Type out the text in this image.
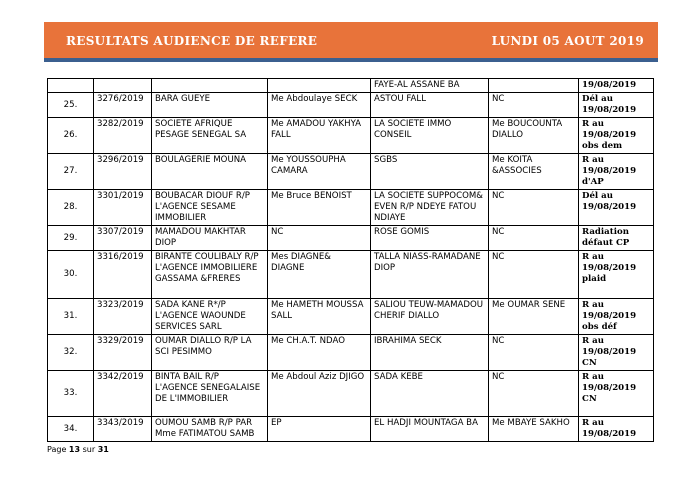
RESULTATS AUDIENCE DE REFERE	LUNDI 05 AOUT 2019
				FAYE-AL ASSANE BA		19/08/2019
25.	3276/2019	BARA GUEYE	Me Abdoulaye SECK	ASTOU FALL	NC	Dél au 19/08/2019
26.	3282/2019	SOCIETE AFRIQUE PESAGE SENEGAL SA	Me AMADOU YAKHYA FALL	LA SOCIETE IMMO CONSEIL	Me BOUCOUNTA DIALLO	R au 19/08/2019 obs dem
27.	3296/2019	BOULAGERIE MOUNA	Me YOUSSOUPHA CAMARA	SGBS	Me KOITA &ASSOCIES	R au 19/08/2019 d'AP
28.	3301/2019	BOUBACAR DIOUF R/P L'AGENCE SESAME IMMOBILIER	Me Bruce BENOIST	LA SOCIETE SUPPOCOM& EVEN R/P NDEYE FATOU NDIAYE	NC	Dél au 19/08/2019
29.	3307/2019	MAMADOU MAKHTAR DIOP	NC	ROSE GOMIS	NC	Radiation défaut CP
30.	3316/2019	BIRANTE COULIBALY R/P L'AGENCE IMMOBILIERE GASSAMA &FRERES	Mes DIAGNE& DIAGNE	TALLA NIASS-RAMADANE DIOP	NC	R au 19/08/2019 plaid
31.	3323/2019	SADA KANE R*/P L'AGENCE WAOUNDE SERVICES SARL	Me HAMETH MOUSSA SALL	SALIOU TEUW-MAMADOU CHERIF DIALLO	Me OUMAR SENE	R au 19/08/2019 obs déf
32.	3329/2019	OUMAR DIALLO R/P LA SCI PESIMMO	Me CH.A.T. NDAO	IBRAHIMA SECK	NC	R au 19/08/2019 CN
33.	3342/2019	BINTA BAIL R/P L'AGENCE SENEGALAISE DE L'IMMOBILIER	Me Abdoul Aziz DJIGO	SADA KEBE	NC	R au 19/08/2019 CN
34.	3343/2019	OUMOU SAMB R/P PAR Mme FATIMATOU SAMB	EP	EL HADJI MOUNTAGA BA	Me MBAYE SAKHO	R au 19/08/2019
Page 13 sur 31
